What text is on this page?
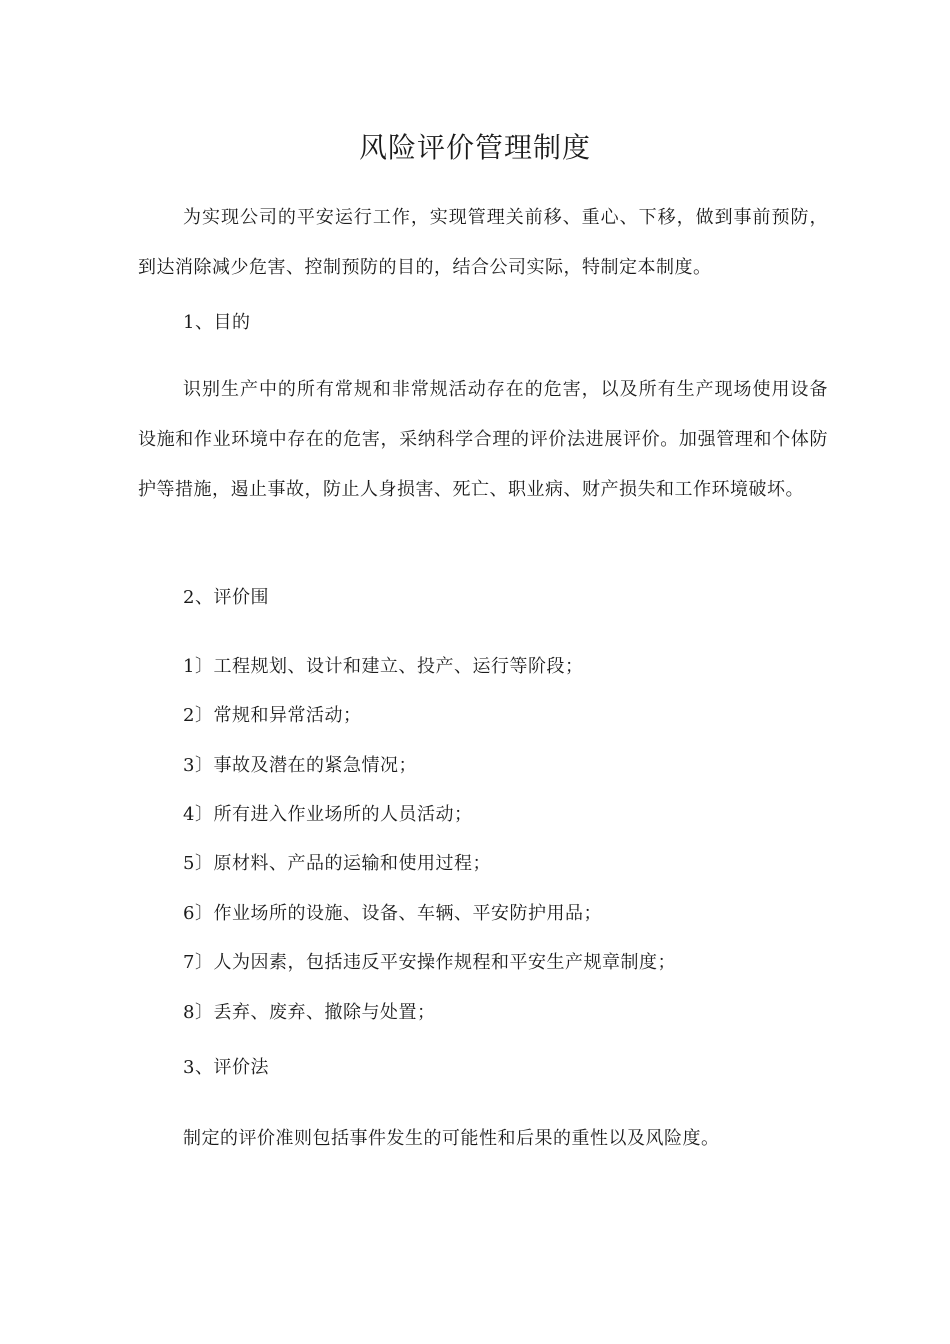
风险评价管理制度
为实现公司的平安运行工作，实现管理关前移、重心、下移，做到事前预防，到达消除减少危害、控制预防的目的，结合公司实际，特制定本制度。
1、目的
识别生产中的所有常规和非常规活动存在的危害，以及所有生产现场使用设备设施和作业环境中存在的危害，采纳科学合理的评价法进展评价。加强管理和个体防护等措施，遏止事故，防止人身损害、死亡、职业病、财产损失和工作环境破坏。
2、评价围
1〕工程规划、设计和建立、投产、运行等阶段；
2〕常规和异常活动；
3〕事故及潜在的紧急情况；
4〕所有进入作业场所的人员活动；
5〕原材料、产品的运输和使用过程；
6〕作业场所的设施、设备、车辆、平安防护用品；
7〕人为因素，包括违反平安操作规程和平安生产规章制度；
8〕丢弃、废弃、撤除与处置；
3、评价法
制定的评价准则包括事件发生的可能性和后果的重性以及风险度。
